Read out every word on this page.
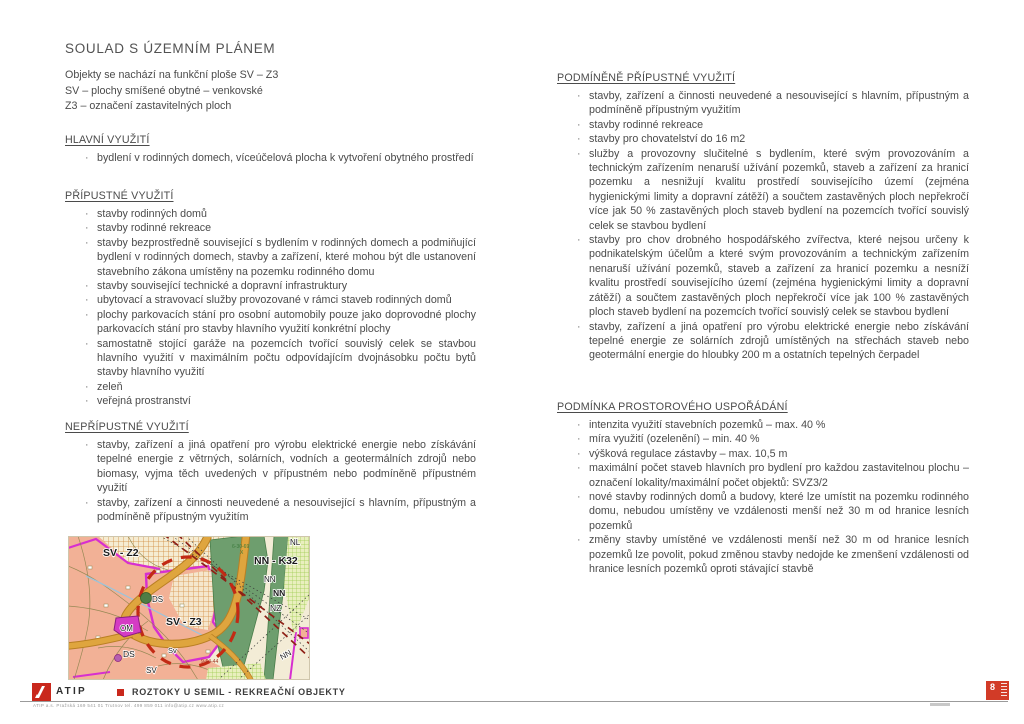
SOULAD S ÚZEMNÍM PLÁNEM

Objekty se nachází na funkční ploše SV – Z3

SV – plochy smíšené obytné – venkovské

Z3 – označení zastavitelných ploch

HLAVNÍ VYUŽITÍ
· bydlení v rodinných domech, víceúčelová plocha k vytvoření obytného prostředí
PŘÍPUSTNÉ VYUŽITÍ
· stavby rodinných domů
· stavby rodinné rekreace
· stavby bezprostředně související s bydlením v rodinných domech a podmiňující bydlení v rodinných domech, stavby a zařízení, které mohou být dle ustanovení stavebního zákona umístěny na pozemku rodinného domu
· stavby související technické a dopravní infrastruktury
· ubytovací a stravovací služby provozované v rámci staveb rodinných domů
· plochy parkovacích stání pro osobní automobily pouze jako doprovodné plochy parkovacích stání pro stavby hlavního využití konkrétní plochy
· samostatně stojící garáže na pozemcích tvořící souvislý celek se stavbou hlavního využití v maximálním počtu odpovídajícím dvojnásobku počtu bytů stavby hlavního využití
· zeleň
· veřejná prostranství
NEPŘÍPUSTNÉ VYUŽITÍ
· stavby, zařízení a jiná opatření pro výrobu elektrické energie nebo získávání tepelné energie z větrných, solárních, vodních a geotermálních zdrojů nebo biomasy, vyjma těch uvedených v přípustném nebo podmíněně přípustném využití
· stavby, zařízení a činnosti neuvedené a nesouvisející s hlavním, přípustným a podmíněně přípustným využitím
PODMÍNĚNĚ PŘÍPUSTNÉ VYUŽITÍ
· stavby, zařízení a činnosti neuvedené a nesouvisející s hlavním, přípustným a podmíněně přípustným využitím
· stavby rodinné rekreace
· stavby pro chovatelství do 16 m2
· služby a provozovny slučitelné s bydlením, které svým provozováním a technickým zařízením nenaruší užívání pozemků, staveb a zařízení za hranicí pozemku a nesnižují kvalitu prostředí souvisejícího území (zejména hygienickými limity a dopravní zátěží) a součtem zastavěných ploch nepřekročí více jak 50 % zastavěných ploch staveb bydlení na pozemcích tvořící souvislý celek se stavbou bydlení
· stavby pro chov drobného hospodářského zvířectva, které nejsou určeny k podnikatelským účelům a které svým provozováním a technickým zařízením nenaruší užívání pozemků, staveb a zařízení za hranicí pozemku a nesníží kvalitu prostředí souvisejícího území (zejména hygienickými limity a dopravní zátěží) a součtem zastavěných ploch nepřekročí více jak 100 % zastavěných ploch staveb bydlení na pozemcích tvořící souvislý celek se stavbou bydlení
· stavby, zařízení a jiná opatření pro výrobu elektrické energie nebo získávání tepelné energie ze solárních zdrojů umístěných na střechách staveb nebo geotermální energie do hloubky 200 m a ostatních tepelných čerpadel
PODMÍNKA PROSTOROVÉHO USPOŘÁDÁNÍ
· intenzita využití stavebních pozemků – max. 40 %
· míra využití (ozelenění) – min. 40 %
· výšková regulace zástavby – max. 10,5 m
· maximální počet staveb hlavních pro bydlení pro každou zastavitelnou plochu – označení lokality/maximální počet objektů: SVZ3/2
· nové stavby rodinných domů a budovy, které lze umístit na pozemku rodinného domu, nebudou umístěny ve vzdálenosti menší než 30 m od hranice lesních pozemků
· změny stavby umístěné ve vzdálenosti menší než 30 m od hranice lesních pozemků lze povolit, pokud změnou stavby nedojde ke zmenšení vzdálenosti od hranice lesních pozemků oproti stávající stavbě
SV - Z2
NN - K32
SV - Z3
NL
NN
NN
NZ
NN
OM
DS
DS	Sv
SV
6-30-69
X
9-64-44
ATIP	ROZTOKY U SEMIL - REKREAČNÍ OBJEKTY
ATIP a.s. Pražská 169 541 01 Trutnov tel. 499 859 011 info@atip.cz www.atip.cz
8
